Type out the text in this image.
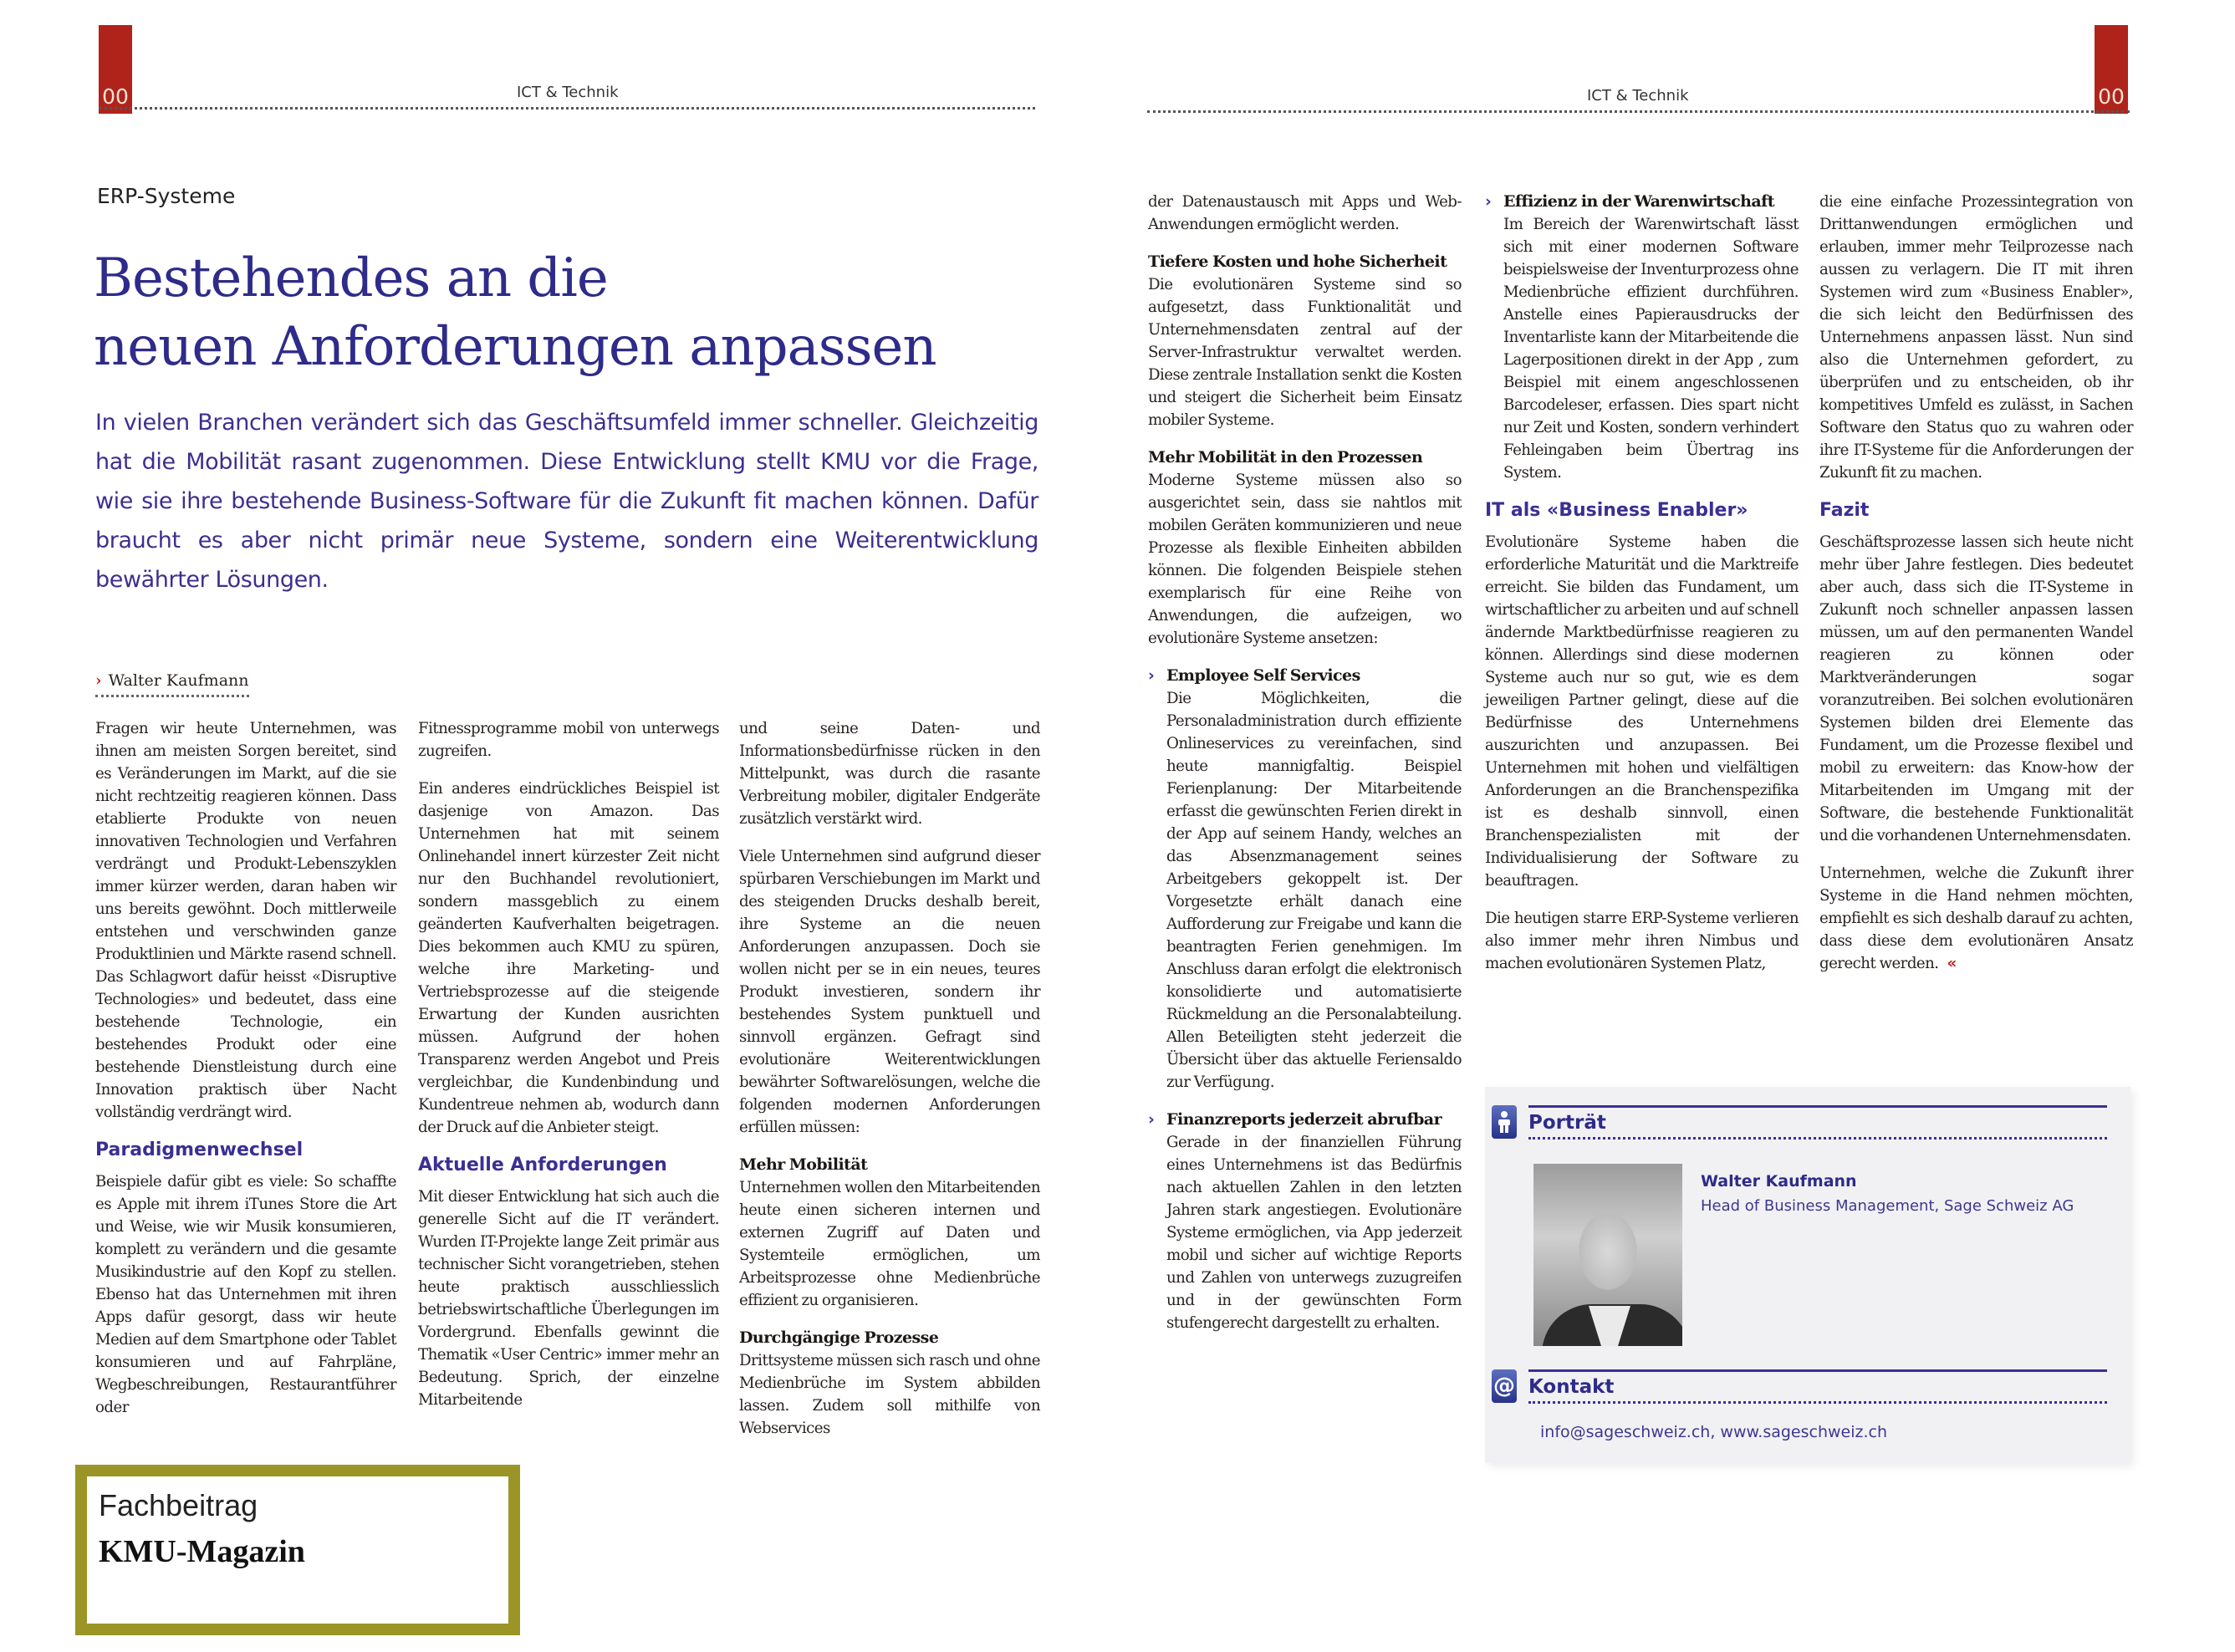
00	ICT & Technik
ERP-Systeme
Bestehendes an die
neuen Anforderungen anpassen
In vielen Branchen verändert sich das Geschäftsumfeld immer schneller. Gleichzeitig hat die Mobilität rasant zugenommen. Diese Entwicklung stellt KMU vor die Frage, wie sie ihre bestehende Business-Software für die Zukunft fit machen können. Dafür braucht es aber nicht primär neue Systeme, sondern eine Weiterentwicklung bewährter Lösungen.
› Walter Kaufmann

Fragen wir heute Unternehmen, was ihnen am meisten Sorgen bereitet, sind es Veränderungen im Markt, auf die sie nicht rechtzeitig reagieren können. Dass etablierte Produkte von neuen innovativen Technologien und Verfahren verdrängt und Produkt-Lebenszyklen immer kürzer werden, daran haben wir uns bereits gewöhnt. Doch mittlerweile entstehen und verschwinden ganze Produktlinien und Märkte rasend schnell. Das Schlagwort dafür heisst «Disruptive Technologies» und bedeutet, dass eine bestehende Technologie, ein bestehendes Produkt oder eine bestehende Dienstleistung durch eine Innovation praktisch über Nacht vollständig verdrängt wird.

Paradigmenwechsel

Beispiele dafür gibt es viele: So schaffte es Apple mit ihrem iTunes Store die Art und Weise, wie wir Musik konsumieren, komplett zu verändern und die gesamte Musikindustrie auf den Kopf zu stellen. Ebenso hat das Unternehmen mit ihren Apps dafür gesorgt, dass wir heute Medien auf dem Smartphone oder Tablet konsumieren und auf Fahrpläne, Wegbeschreibungen, Restaurantführer oder

Fitnessprogramme mobil von unterwegs zugreifen.

Ein anderes eindrückliches Beispiel ist dasjenige von Amazon. Das Unternehmen hat mit seinem Onlinehandel innert kürzester Zeit nicht nur den Buchhandel revolutioniert, sondern massgeblich zu einem geänderten Kaufverhalten beigetragen. Dies bekommen auch KMU zu spüren, welche ihre Marketing- und Vertriebsprozesse auf die steigende Erwartung der Kunden ausrichten müssen. Aufgrund der hohen Transparenz werden Angebot und Preis vergleichbar, die Kundenbindung und Kundentreue nehmen ab, wodurch dann der Druck auf die Anbieter steigt.

Aktuelle Anforderungen

Mit dieser Entwicklung hat sich auch die generelle Sicht auf die IT verändert. Wurden IT-Projekte lange Zeit primär aus technischer Sicht vorangetrieben, stehen heute praktisch ausschliesslich betriebswirtschaftliche Überlegungen im Vordergrund. Ebenfalls gewinnt die Thematik «User Centric» immer mehr an Bedeutung. Sprich, der einzelne Mitarbeitende

und seine Daten- und Informationsbedürfnisse rücken in den Mittelpunkt, was durch die rasante Verbreitung mobiler, digitaler Endgeräte zusätzlich verstärkt wird.

Viele Unternehmen sind aufgrund dieser spürbaren Verschiebungen im Markt und des steigenden Drucks deshalb bereit, ihre Systeme an die neuen Anforderungen anzupassen. Doch sie wollen nicht per se in ein neues, teures Produkt investieren, sondern ihr bestehendes System punktuell und sinnvoll ergänzen. Gefragt sind evolutionäre Weiterentwicklungen bewährter Softwarelösungen, welche die folgenden modernen Anforderungen erfüllen müssen:

Mehr Mobilität

Unternehmen wollen den Mitarbeitenden heute einen sicheren internen und externen Zugriff auf Daten und Systemteile ermöglichen, um Arbeitsprozesse ohne Medienbrüche effizient zu organisieren.

Durchgängige Prozesse

Drittsysteme müssen sich rasch und ohne Medienbrüche im System abbilden lassen. Zudem soll mithilfe von Webservices

Fachbeitrag
KMU-Magazin
00
ICT & Technik

der Datenaustausch mit Apps und Web-Anwendungen ermöglicht werden.

Tiefere Kosten und hohe Sicherheit

Die evolutionären Systeme sind so aufgesetzt, dass Funktionalität und Unternehmensdaten zentral auf der Server-Infrastruktur verwaltet werden. Diese zentrale Installation senkt die Kosten und steigert die Sicherheit beim Einsatz mobiler Systeme.

Mehr Mobilität in den Prozessen

Moderne Systeme müssen also so ausgerichtet sein, dass sie nahtlos mit mobilen Geräten kommunizieren und neue Prozesse als flexible Einheiten abbilden können. Die folgenden Beispiele stehen exemplarisch für eine Reihe von Anwendungen, die aufzeigen, wo evolutionäre Systeme ansetzen:

› Employee Self Services

Die Möglichkeiten, die Personaladministration durch effiziente Onlineservices zu vereinfachen, sind heute mannigfaltig. Beispiel Ferienplanung: Der Mitarbeitende erfasst die gewünschten Ferien direkt in der App auf seinem Handy, welches an das Absenzmanagement seines Arbeitgebers gekoppelt ist. Der Vorgesetzte erhält danach eine Aufforderung zur Freigabe und kann die beantragten Ferien genehmigen. Im Anschluss daran erfolgt die elektronisch konsolidierte und automatisierte Rückmeldung an die Personalabteilung. Allen Beteiligten steht jederzeit die Übersicht über das aktuelle Feriensaldo zur Verfügung.

› Finanzreports jederzeit abrufbar

Gerade in der finanziellen Führung eines Unternehmens ist das Bedürfnis nach aktuellen Zahlen in den letzten Jahren stark angestiegen. Evolutionäre Systeme ermöglichen, via App jederzeit mobil und sicher auf wichtige Reports und Zahlen von unterwegs zuzugreifen und in der gewünschten Form stufengerecht dargestellt zu erhalten.

› Effizienz in der Warenwirtschaft

Im Bereich der Warenwirtschaft lässt sich mit einer modernen Software beispielsweise der Inventurprozess ohne Medienbrüche effizient durchführen. Anstelle eines Papierausdrucks der Inventarliste kann der Mitarbeitende die Lagerpositionen direkt in der App , zum Beispiel mit einem angeschlossenen Barcodeleser, erfassen. Dies spart nicht nur Zeit und Kosten, sondern verhindert Fehleingaben beim Übertrag ins System.

IT als «Business Enabler»

Evolutionäre Systeme haben die erforderliche Maturität und die Marktreife erreicht. Sie bilden das Fundament, um wirtschaftlicher zu arbeiten und auf schnell ändernde Marktbedürfnisse reagieren zu können. Allerdings sind diese modernen Systeme auch nur so gut, wie es dem jeweiligen Partner gelingt, diese auf die Bedürfnisse des Unternehmens auszurichten und anzupassen. Bei Unternehmen mit hohen und vielfältigen Anforderungen an die Branchenspezifika ist es deshalb sinnvoll, einen Branchenspezialisten mit der Individualisierung der Software zu beauftragen.

Die heutigen starre ERP-Systeme verlieren also immer mehr ihren Nimbus und machen evolutionären Systemen Platz,

die eine einfache Prozessintegration von Drittanwendungen ermöglichen und erlauben, immer mehr Teilprozesse nach aussen zu verlagern. Die IT mit ihren Systemen wird zum «Business Enabler», die sich leicht den Bedürfnissen des Unternehmens anpassen lässt. Nun sind also die Unternehmen gefordert, zu überprüfen und zu entscheiden, ob ihr kompetitives Umfeld es zulässt, in Sachen Software den Status quo zu wahren oder ihre IT-Systeme für die Anforderungen der Zukunft fit zu machen.

Fazit

Geschäftsprozesse lassen sich heute nicht mehr über Jahre festlegen. Dies bedeutet aber auch, dass sich die IT-Systeme in Zukunft noch schneller anpassen lassen müssen, um auf den permanenten Wandel reagieren zu können oder Marktveränderungen sogar voranzutreiben. Bei solchen evolutionären Systemen bilden drei Elemente das Fundament, um die Prozesse flexibel und mobil zu erweitern: das Know-how der Mitarbeitenden im Umgang mit der Software, die bestehende Funktionalität und die vorhandenen Unternehmensdaten.

Unternehmen, welche die Zukunft ihrer Systeme in die Hand nehmen möchten, empfiehlt es sich deshalb darauf zu achten, dass diese dem evolutionären Ansatz gerecht werden. «

Porträt
Walter Kaufmann
Head of Business Management, Sage Schweiz AG
@ Kontakt
info@sageschweiz.ch, www.sageschweiz.ch
